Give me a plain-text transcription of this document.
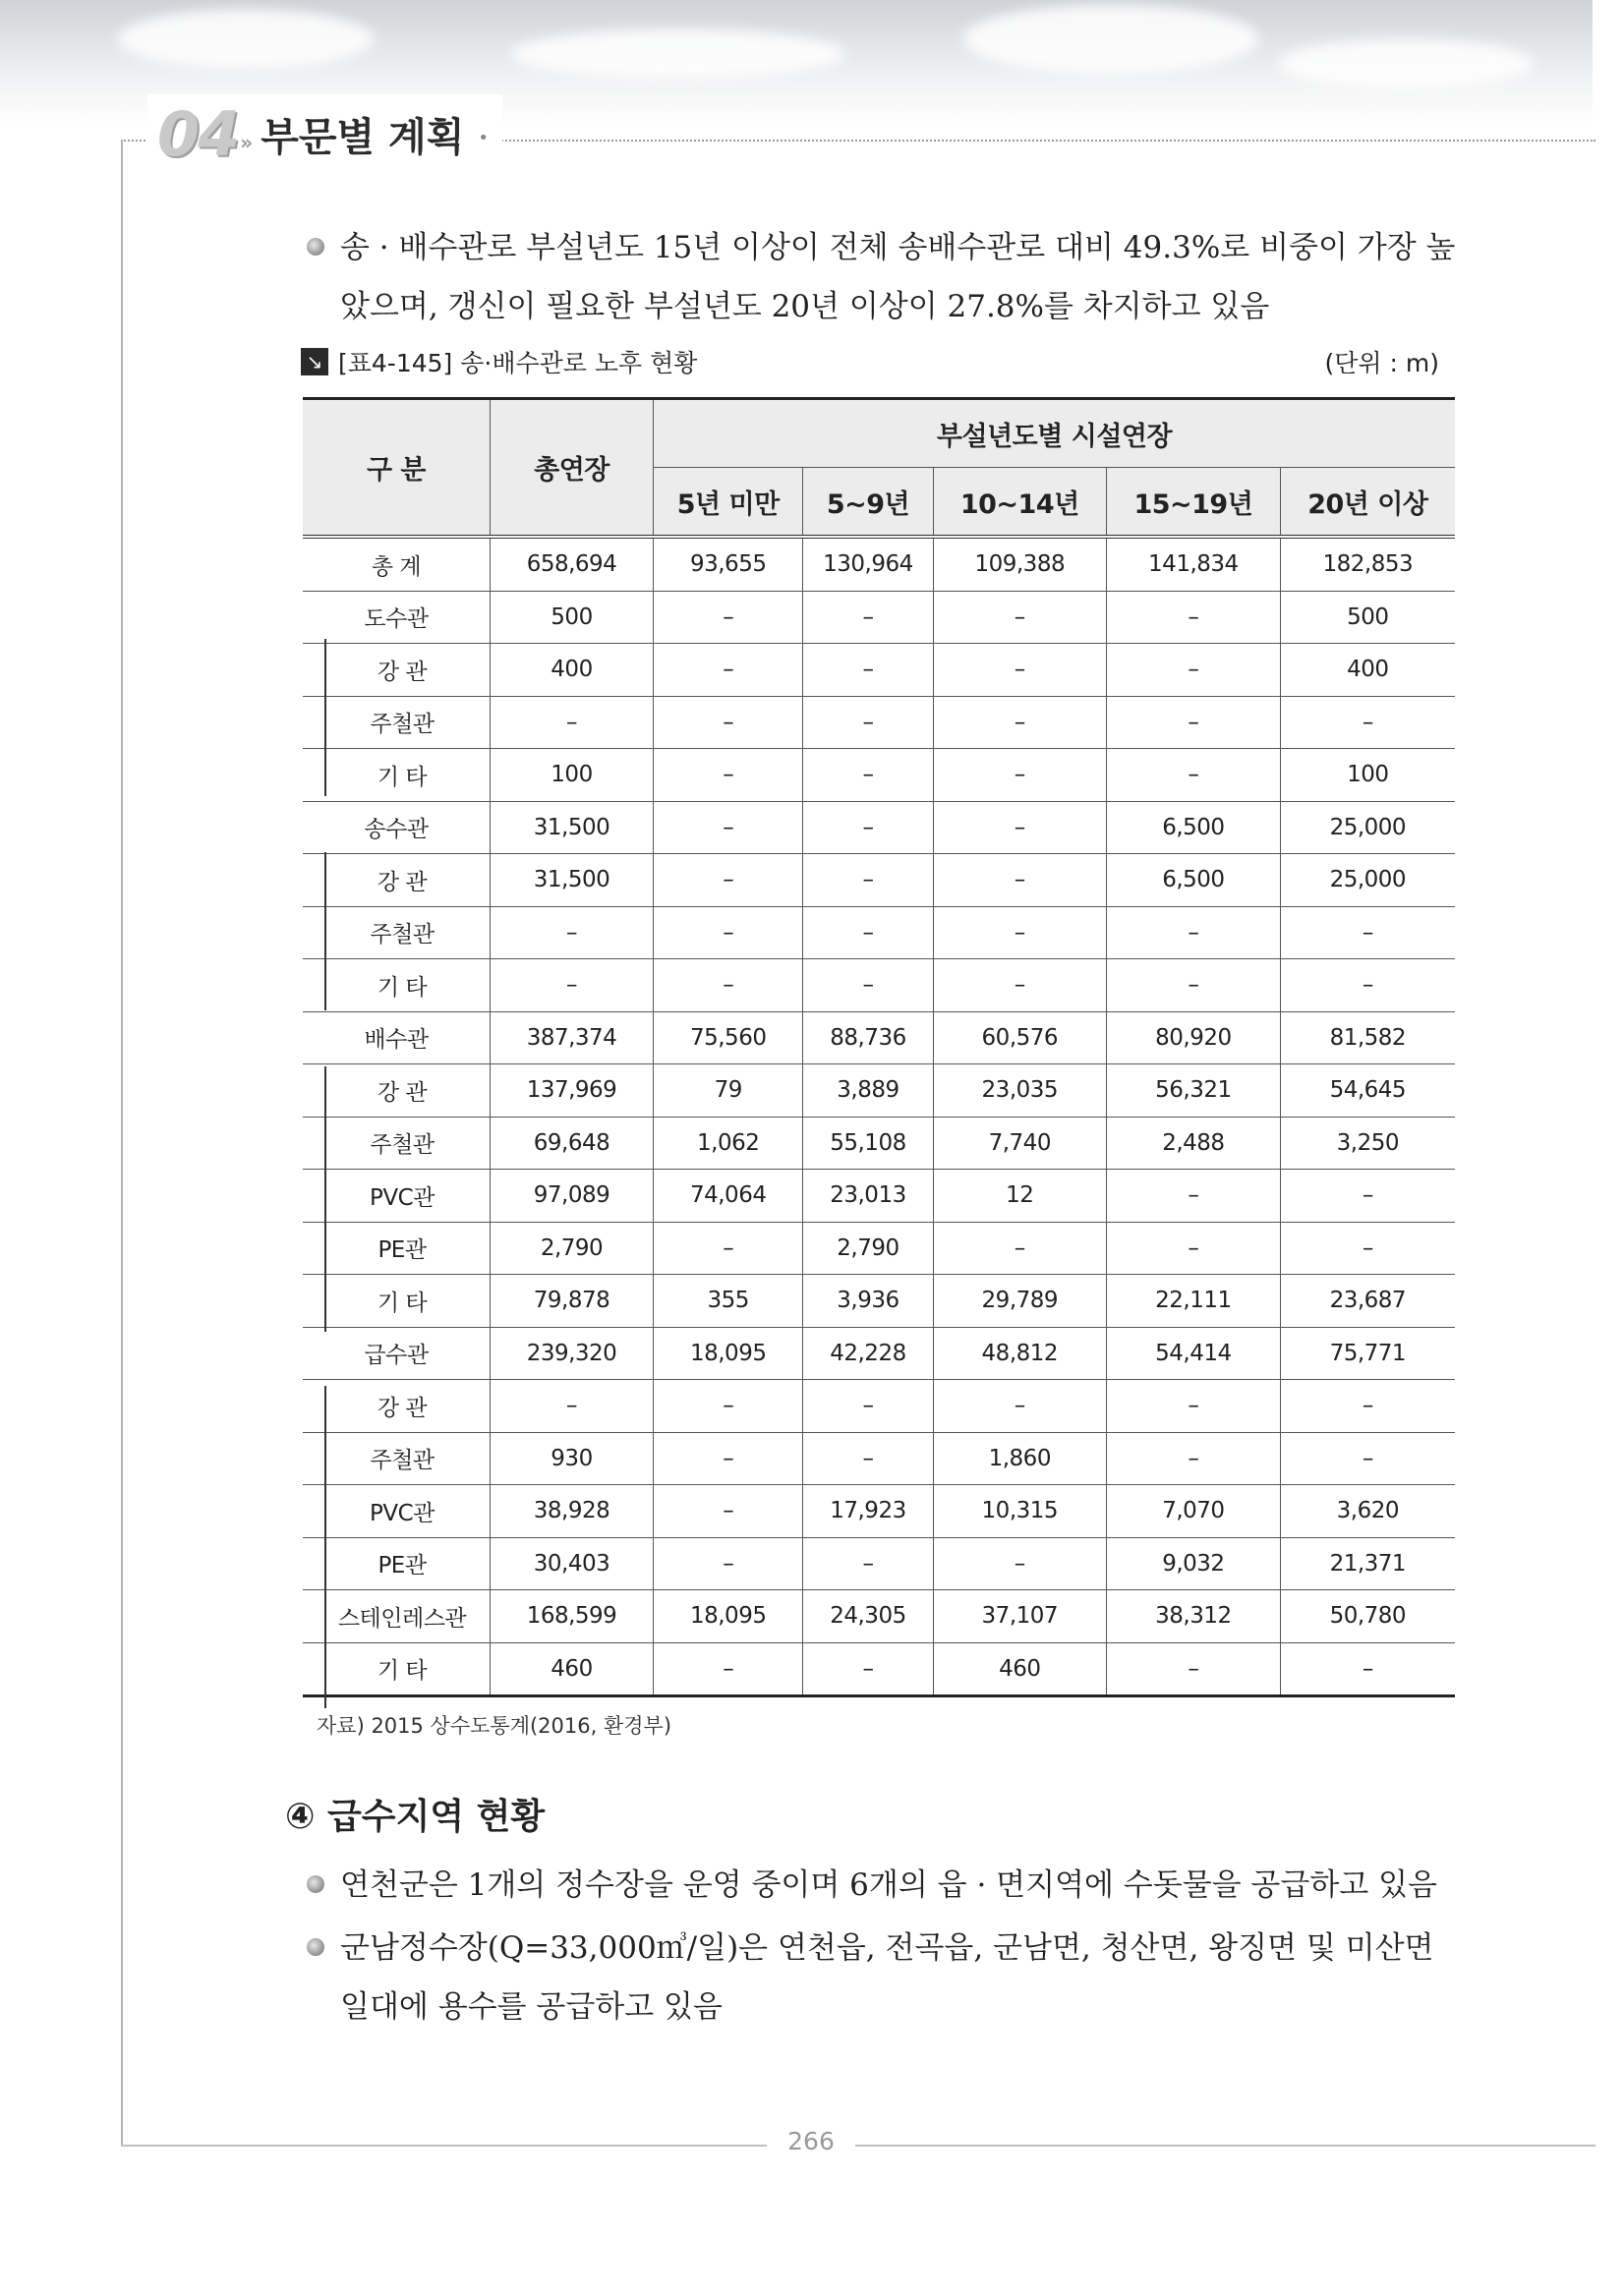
04 » 부문별 계획 •
송 · 배수관로 부설년도 15년 이상이 전체 송배수관로 대비 49.3%로 비중이 가장 높았으며, 갱신이 필요한 부설년도 20년 이상이 27.8%를 차지하고 있음
↘ [표4-145] 송·배수관로 노후 현황	(단위 : m)
구 분	총연장	부설년도별 시설연장				
		5년 미만	5~9년	10~14년	15~19년	20년 이상
총 계	658,694	93,655	130,964	109,388	141,834	182,853
도수관	500	–	–	–	–	500
강 관	400	–	–	–	–	400
주철관	–	–	–	–	–	–
기 타	100	–	–	–	–	100
송수관	31,500	–	–	–	6,500	25,000
강 관	31,500	–	–	–	6,500	25,000
주철관	–	–	–	–	–	–
기 타	–	–	–	–	–	–
배수관	387,374	75,560	88,736	60,576	80,920	81,582
강 관	137,969	79	3,889	23,035	56,321	54,645
주철관	69,648	1,062	55,108	7,740	2,488	3,250
PVC관	97,089	74,064	23,013	12	–	–
PE관	2,790	–	2,790	–	–	–
기 타	79,878	355	3,936	29,789	22,111	23,687
급수관	239,320	18,095	42,228	48,812	54,414	75,771
강 관	–	–	–	–	–	–
주철관	930	–	–	1,860	–	–
PVC관	38,928	–	17,923	10,315	7,070	3,620
PE관	30,403	–	–	–	9,032	21,371
스테인레스관	168,599	18,095	24,305	37,107	38,312	50,780
기 타	460	–	–	460	–	–
자료) 2015 상수도통계(2016, 환경부)
④ 급수지역 현황
연천군은 1개의 정수장을 운영 중이며 6개의 읍 · 면지역에 수돗물을 공급하고 있음
군남정수장(Q=33,000㎥/일)은 연천읍, 전곡읍, 군남면, 청산면, 왕징면 및 미산면 일대에 용수를 공급하고 있음
266
